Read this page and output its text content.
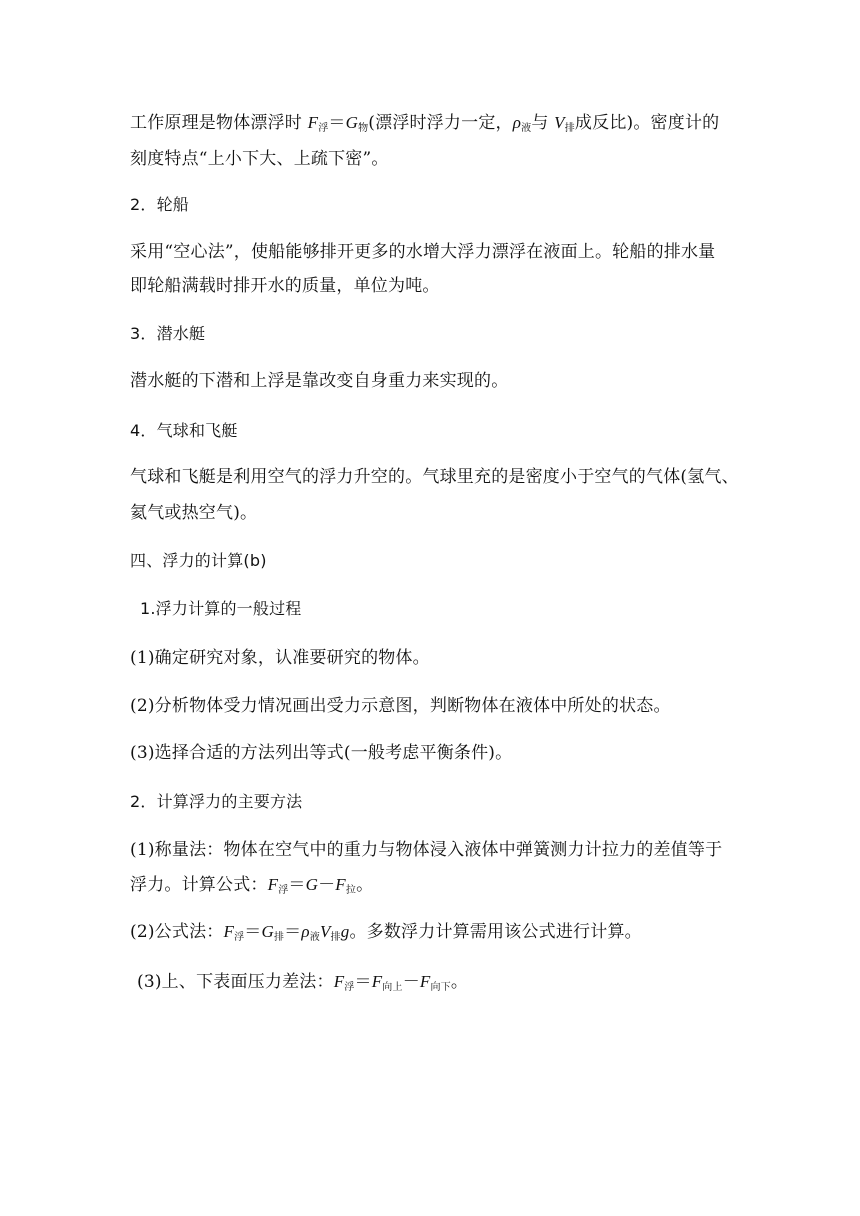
工作原理是物体漂浮时 $F_浮=G_物$(漂浮时浮力一定，$\rho_液$与 $V_排$成反比)。密度计的
刻度特点“上小下大、上疏下密”。
2．轮船
采用“空心法”，使船能够排开更多的水增大浮力漂浮在液面上。轮船的排水量
即轮船满载时排开水的质量，单位为吨。
3．潜水艇
潜水艇的下潜和上浮是靠改变自身重力来实现的。
4．气球和飞艇
气球和飞艇是利用空气的浮力升空的。气球里充的是密度小于空气的气体(氢气、
氦气或热空气)。
四、浮力的计算(b)
1.浮力计算的一般过程
(1)确定研究对象，认准要研究的物体。
(2)分析物体受力情况画出受力示意图，判断物体在液体中所处的状态。
(3)选择合适的方法列出等式(一般考虑平衡条件)。
2．计算浮力的主要方法
(1)称量法：物体在空气中的重力与物体浸入液体中弹簧测力计拉力的差值等于
浮力。计算公式：$F_浮=G-F_拉$。
(2)公式法：$F_浮=G_排=\rho_液V_排g$。多数浮力计算需用该公式进行计算。
(3)上、下表面压力差法：$F_浮=F_{向上}-F_{向下}$。
